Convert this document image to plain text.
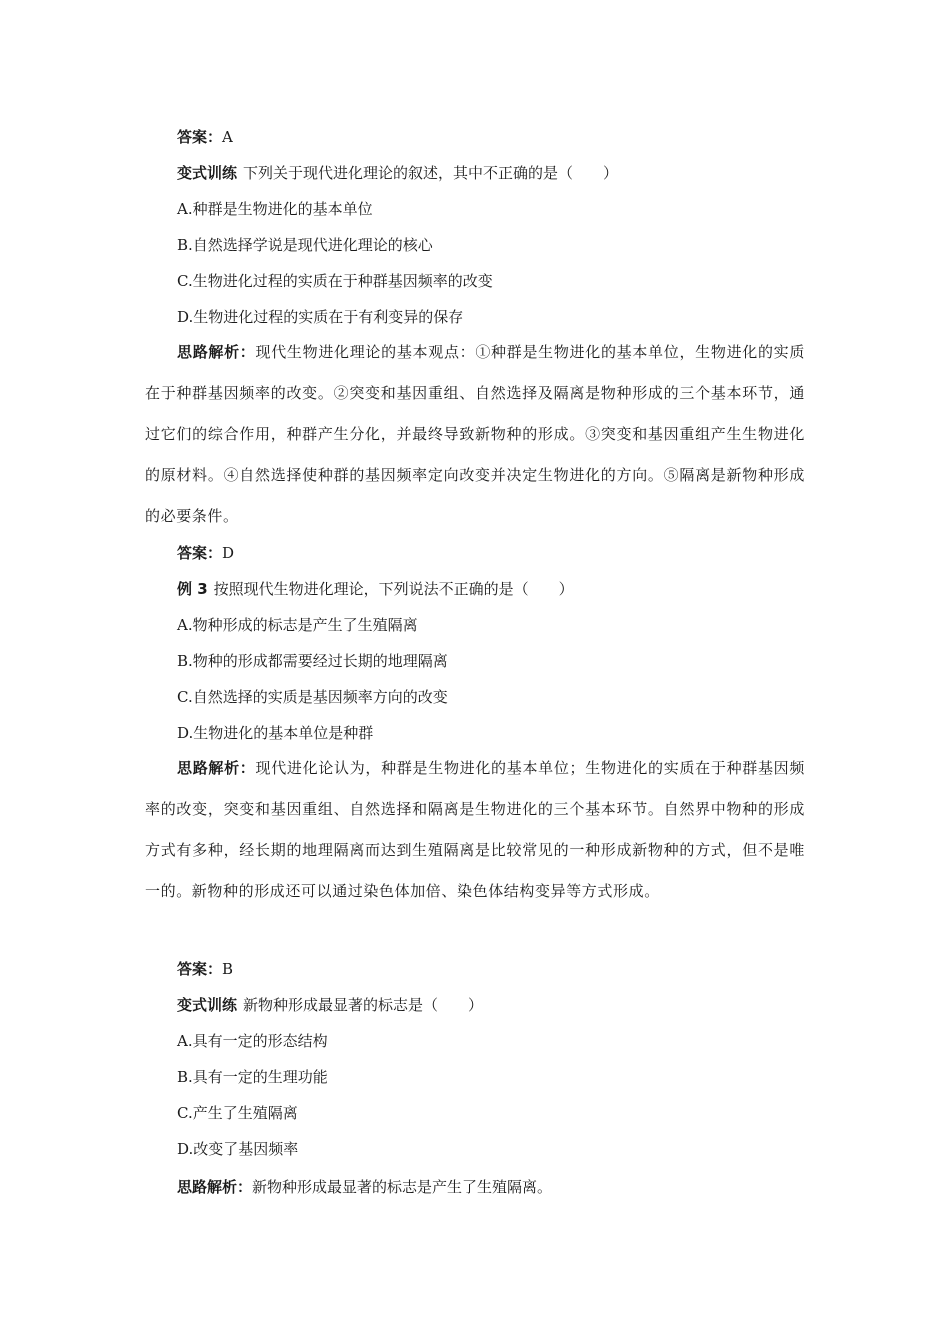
答案：A
变式训练 下列关于现代进化理论的叙述，其中不正确的是（　　）
A.种群是生物进化的基本单位
B.自然选择学说是现代进化理论的核心
C.生物进化过程的实质在于种群基因频率的改变
D.生物进化过程的实质在于有利变异的保存
思路解析：现代生物进化理论的基本观点：①种群是生物进化的基本单位，生物进化的实质在于种群基因频率的改变。②突变和基因重组、自然选择及隔离是物种形成的三个基本环节，通过它们的综合作用，种群产生分化，并最终导致新物种的形成。③突变和基因重组产生生物进化的原材料。④自然选择使种群的基因频率定向改变并决定生物进化的方向。⑤隔离是新物种形成的必要条件。
答案：D
例 3 按照现代生物进化理论，下列说法不正确的是（　　）
A.物种形成的标志是产生了生殖隔离
B.物种的形成都需要经过长期的地理隔离
C.自然选择的实质是基因频率方向的改变
D.生物进化的基本单位是种群
思路解析：现代进化论认为，种群是生物进化的基本单位；生物进化的实质在于种群基因频率的改变，突变和基因重组、自然选择和隔离是生物进化的三个基本环节。自然界中物种的形成方式有多种，经长期的地理隔离而达到生殖隔离是比较常见的一种形成新物种的方式，但不是唯一的。新物种的形成还可以通过染色体加倍、染色体结构变异等方式形成。
答案：B
变式训练 新物种形成最显著的标志是（　　）
A.具有一定的形态结构
B.具有一定的生理功能
C.产生了生殖隔离
D.改变了基因频率
思路解析：新物种形成最显著的标志是产生了生殖隔离。
